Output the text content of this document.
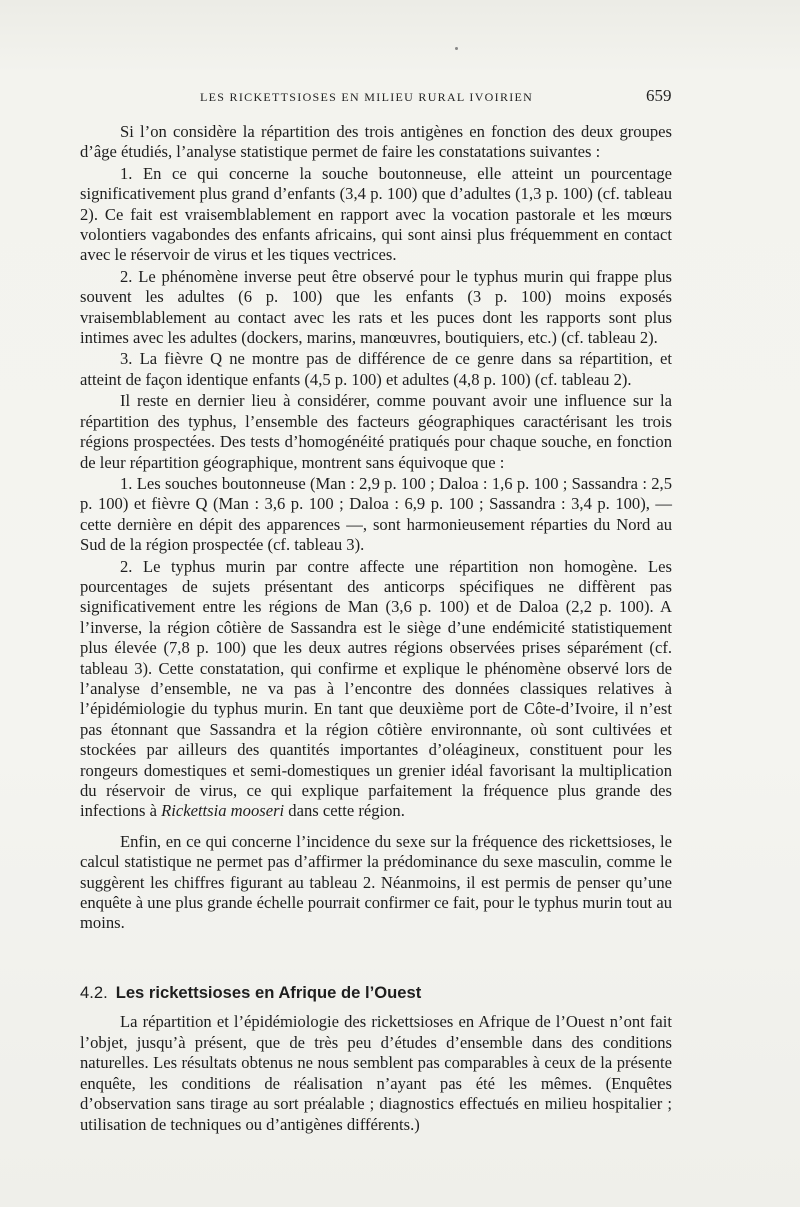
LES RICKETTSIOSES EN MILIEU RURAL IVOIRIEN	659

Si l’on considère la répartition des trois antigènes en fonction des deux groupes d’âge étudiés, l’analyse statistique permet de faire les constatations suivantes :

1. En ce qui concerne la souche boutonneuse, elle atteint un pourcentage significativement plus grand d’enfants (3,4 p. 100) que d’adultes (1,3 p. 100) (cf. tableau 2). Ce fait est vraisemblablement en rapport avec la vocation pastorale et les mœurs volontiers vagabondes des enfants africains, qui sont ainsi plus fréquemment en contact avec le réservoir de virus et les tiques vectrices.

2. Le phénomène inverse peut être observé pour le typhus murin qui frappe plus souvent les adultes (6 p. 100) que les enfants (3 p. 100) moins exposés vraisemblablement au contact avec les rats et les puces dont les rapports sont plus intimes avec les adultes (dockers, marins, manœuvres, boutiquiers, etc.) (cf. tableau 2).

3. La fièvre Q ne montre pas de différence de ce genre dans sa répartition, et atteint de façon identique enfants (4,5 p. 100) et adultes (4,8 p. 100) (cf. tableau 2).

Il reste en dernier lieu à considérer, comme pouvant avoir une influence sur la répartition des typhus, l’ensemble des facteurs géographiques caractérisant les trois régions prospectées. Des tests d’homogénéité pratiqués pour chaque souche, en fonction de leur répartition géographique, montrent sans équivoque que :

1. Les souches boutonneuse (Man : 2,9 p. 100 ; Daloa : 1,6 p. 100 ; Sassandra : 2,5 p. 100) et fièvre Q (Man : 3,6 p. 100 ; Daloa : 6,9 p. 100 ; Sassandra : 3,4 p. 100), — cette dernière en dépit des apparences —, sont harmonieusement réparties du Nord au Sud de la région prospectée (cf. tableau 3).

2. Le typhus murin par contre affecte une répartition non homogène. Les pourcentages de sujets présentant des anticorps spécifiques ne diffèrent pas significativement entre les régions de Man (3,6 p. 100) et de Daloa (2,2 p. 100). A l’inverse, la région côtière de Sassandra est le siège d’une endémicité statistiquement plus élevée (7,8 p. 100) que les deux autres régions observées prises séparément (cf. tableau 3). Cette constatation, qui confirme et explique le phénomène observé lors de l’analyse d’ensemble, ne va pas à l’encontre des données classiques relatives à l’épidémiologie du typhus murin. En tant que deuxième port de Côte-d’Ivoire, il n’est pas étonnant que Sassandra et la région côtière environnante, où sont cultivées et stockées par ailleurs des quantités importantes d’oléagineux, constituent pour les rongeurs domestiques et semi-domestiques un grenier idéal favorisant la multiplication du réservoir de virus, ce qui explique parfaitement la fréquence plus grande des infections à Rickettsia mooseri dans cette région.

Enfin, en ce qui concerne l’incidence du sexe sur la fréquence des rickettsioses, le calcul statistique ne permet pas d’affirmer la prédominance du sexe masculin, comme le suggèrent les chiffres figurant au tableau 2. Néanmoins, il est permis de penser qu’une enquête à une plus grande échelle pourrait confirmer ce fait, pour le typhus murin tout au moins.

4.2. Les rickettsioses en Afrique de l’Ouest

La répartition et l’épidémiologie des rickettsioses en Afrique de l’Ouest n’ont fait l’objet, jusqu’à présent, que de très peu d’études d’ensemble dans des conditions naturelles. Les résultats obtenus ne nous semblent pas comparables à ceux de la présente enquête, les conditions de réalisation n’ayant pas été les mêmes. (Enquêtes d’observation sans tirage au sort préalable ; diagnostics effectués en milieu hospitalier ; utilisation de techniques ou d’antigènes différents.)
